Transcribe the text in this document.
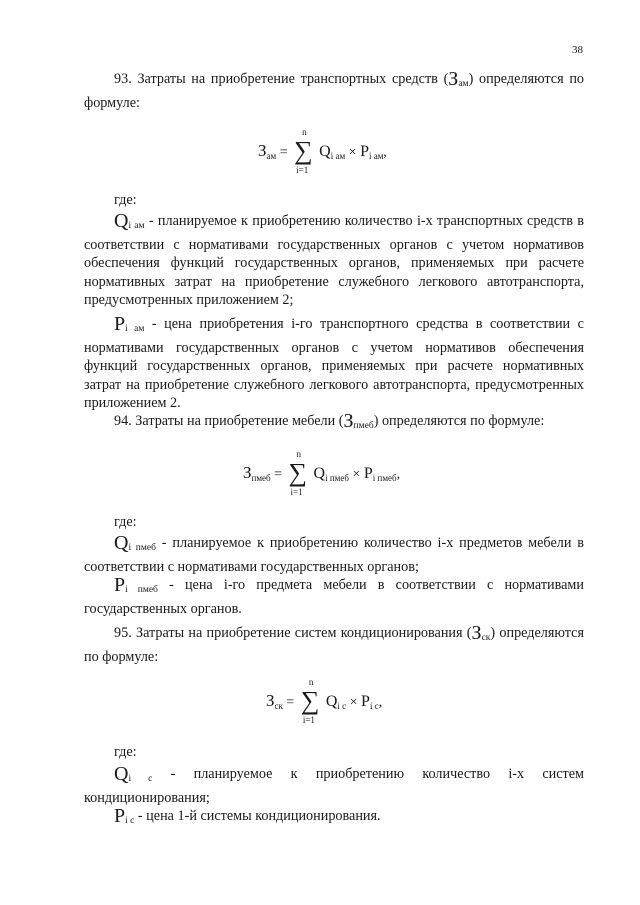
38

93. Затраты на приобретение транспортных средств $(З_{ам})$ определяются по формуле:

$З_{ам}$ =
n
∑
i=1
$Q_{i ам} \times P_{i ам}$,
где:

$Q_{i ам}$ - планируемое к приобретению количество i-х транспортных средств в соответствии с нормативами государственных органов с учетом нормативов обеспечения функций государственных органов, применяемых при расчете нормативных затрат на приобретение служебного легкового автотранспорта, предусмотренных приложением 2;

$P_{i ам}$ - цена приобретения i-го транспортного средства в соответствии с нормативами государственных органов с учетом нормативов обеспечения функций государственных органов, применяемых при расчете нормативных затрат на приобретение служебного легкового автотранспорта, предусмотренных приложением 2.

94. Затраты на приобретение мебели $(З_{пмеб})$ определяются по формуле:

$З_{пмеб}$ =
n
∑
i=1
$Q_{i пмеб} \times P_{i пмеб}$,
где:

$Q_{i пмеб}$ - планируемое к приобретению количество i-х предметов мебели в соответствии с нормативами государственных органов;

$P_{i пмеб}$ - цена i-го предмета мебели в соответствии с нормативами государственных органов.

95. Затраты на приобретение систем кондиционирования $(З_{ск})$ определяются по формуле:

$З_{ск}$ =
n
∑
i=1
$Q_{i с} \times P_{i с}$,
где:

$Q_{i с}$ - планируемое к приобретению количество i-х систем кондиционирования;

$P_{i с}$ - цена 1-й системы кондиционирования.
